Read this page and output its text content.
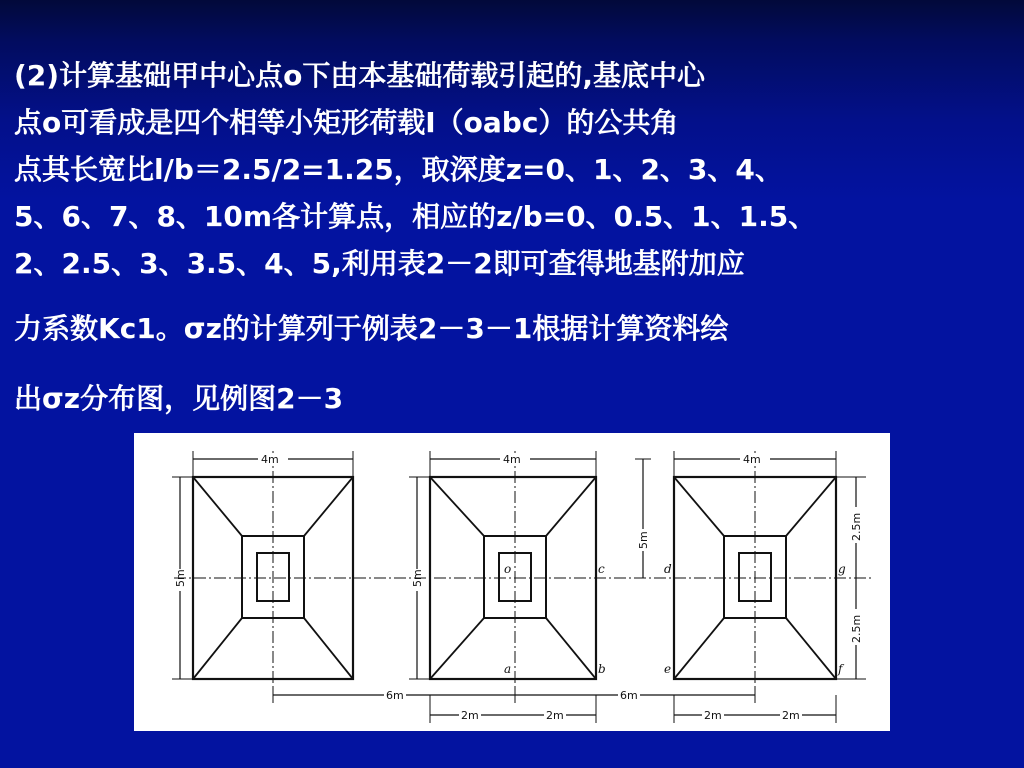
(2)计算基础甲中心点o下由本基础荷载引起的,基底中心
点o可看成是四个相等小矩形荷载Ⅰ（oabc）的公共角
点其长宽比l/b＝2.5/2=1.25，取深度z=0、1、2、3、4、
5、6、7、8、10m各计算点，相应的z/b=0、0.5、1、1.5、
2、2.5、3、3.5、4、5,利用表2－2即可查得地基附加应
力系数Kc1。σz的计算列于例表2－3－1根据计算资料绘
出σz分布图，见例图2－3
4m
5m
4m
5m
4m
2.5m
2.5m
5m
6m	6m
2m	2m	2m	2m
o
a	b
c	d
e	f
g
